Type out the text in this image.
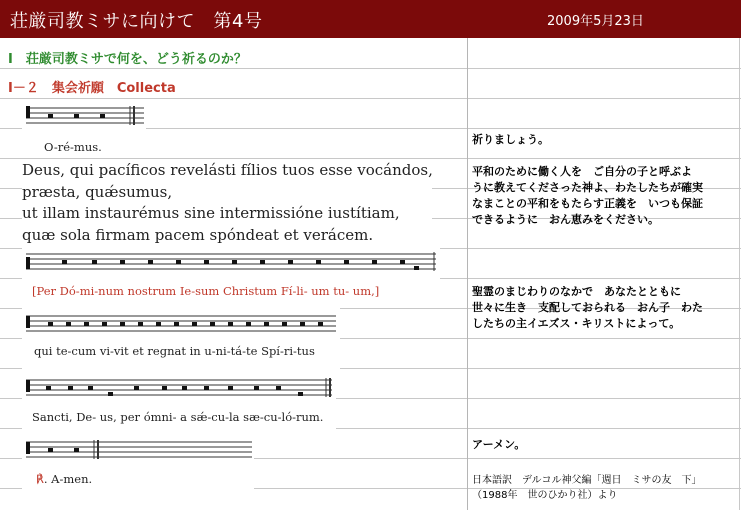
荘厳司教ミサに向けて　第4号	2009年5月23日
Ⅰ　荘厳司教ミサで何を、どう祈るのか？
Ⅰ－２　集会祈願　Collecta
O-ré-mus.
Deus, qui pacíficos revelásti fílios tuos esse vocándos,
præsta, quǽsumus,
ut illam instaurémus sine intermissióne iustítiam,
quæ sola firmam pacem spóndeat et verácem.
[Per Dó-mi-num nostrum Ie-sum Christum Fí-li- um tu- um,]
qui te-cum vi-vit et regnat in u-ni-tá-te Spí-ri-tus
Sancti, De- us, per ómni- a sǽ-cu-la sæ-cu-ló-rum.
℟. A-men.
祈りましょう。
平和のために働く人を　ご自分の子と呼ぶよ
うに教えてくださった神よ、わたしたちが確実
なまことの平和をもたらす正義を　いつも保証
できるように　おん恵みをください。
聖霊のまじわりのなかで　あなたとともに
世々に生き　支配しておられる　おん子　わた
したちの主イエズス・キリストによって。
アーメン。
日本語訳　デルコル神父編「週日　ミサの友　下」
（1988年　世のひかり社）より
